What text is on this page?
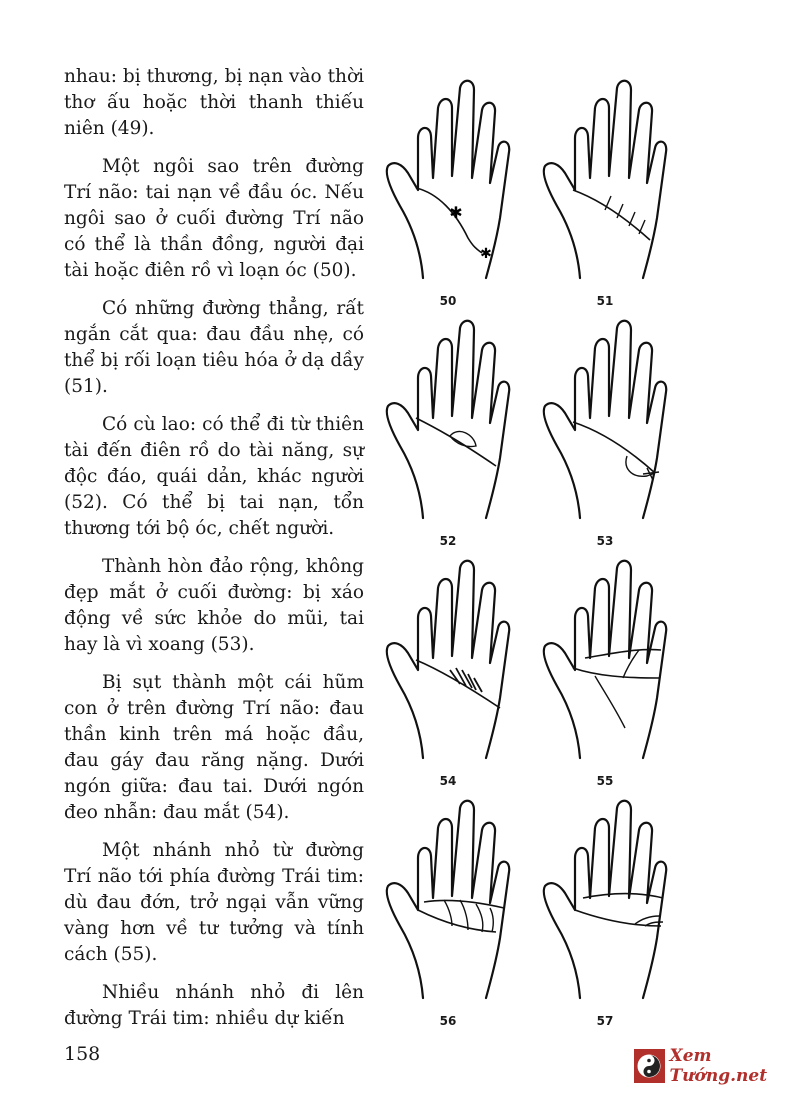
nhau: bị thương, bị nạn vào thời thơ ấu hoặc thời thanh thiếu niên (49).

Một ngôi sao trên đường Trí não: tai nạn về đầu óc. Nếu ngôi sao ở cuối đường Trí não có thể là thần đồng, người đại tài hoặc điên rồ vì loạn óc (50).

Có những đường thẳng, rất ngắn cắt qua: đau đầu nhẹ, có thể bị rối loạn tiêu hóa ở dạ dầy (51).

Có cù lao: có thể đi từ thiên tài đến điên rồ do tài năng, sự độc đáo, quái dản, khác người (52). Có thể bị tai nạn, tổn thương tới bộ óc, chết người.

Thành hòn đảo rộng, không đẹp mắt ở cuối đường: bị xáo động về sức khỏe do mũi, tai hay là vì xoang (53).

Bị sụt thành một cái hũm con ở trên đường Trí não: đau thần kinh trên má hoặc đầu, đau gáy đau răng nặng. Dưới ngón giữa: đau tai. Dưới ngón đeo nhẫn: đau mắt (54).

Một nhánh nhỏ từ đường Trí não tới phía đường Trái tim: dù đau đớn, trở ngại vẫn vững vàng hơn về tư tưởng và tính cách (55).

Nhiều nhánh nhỏ đi lên đường Trái tim: nhiều dự kiến

158
✱
✱
50	51
52	53
54	55
56	57
Xem Tướng.net
